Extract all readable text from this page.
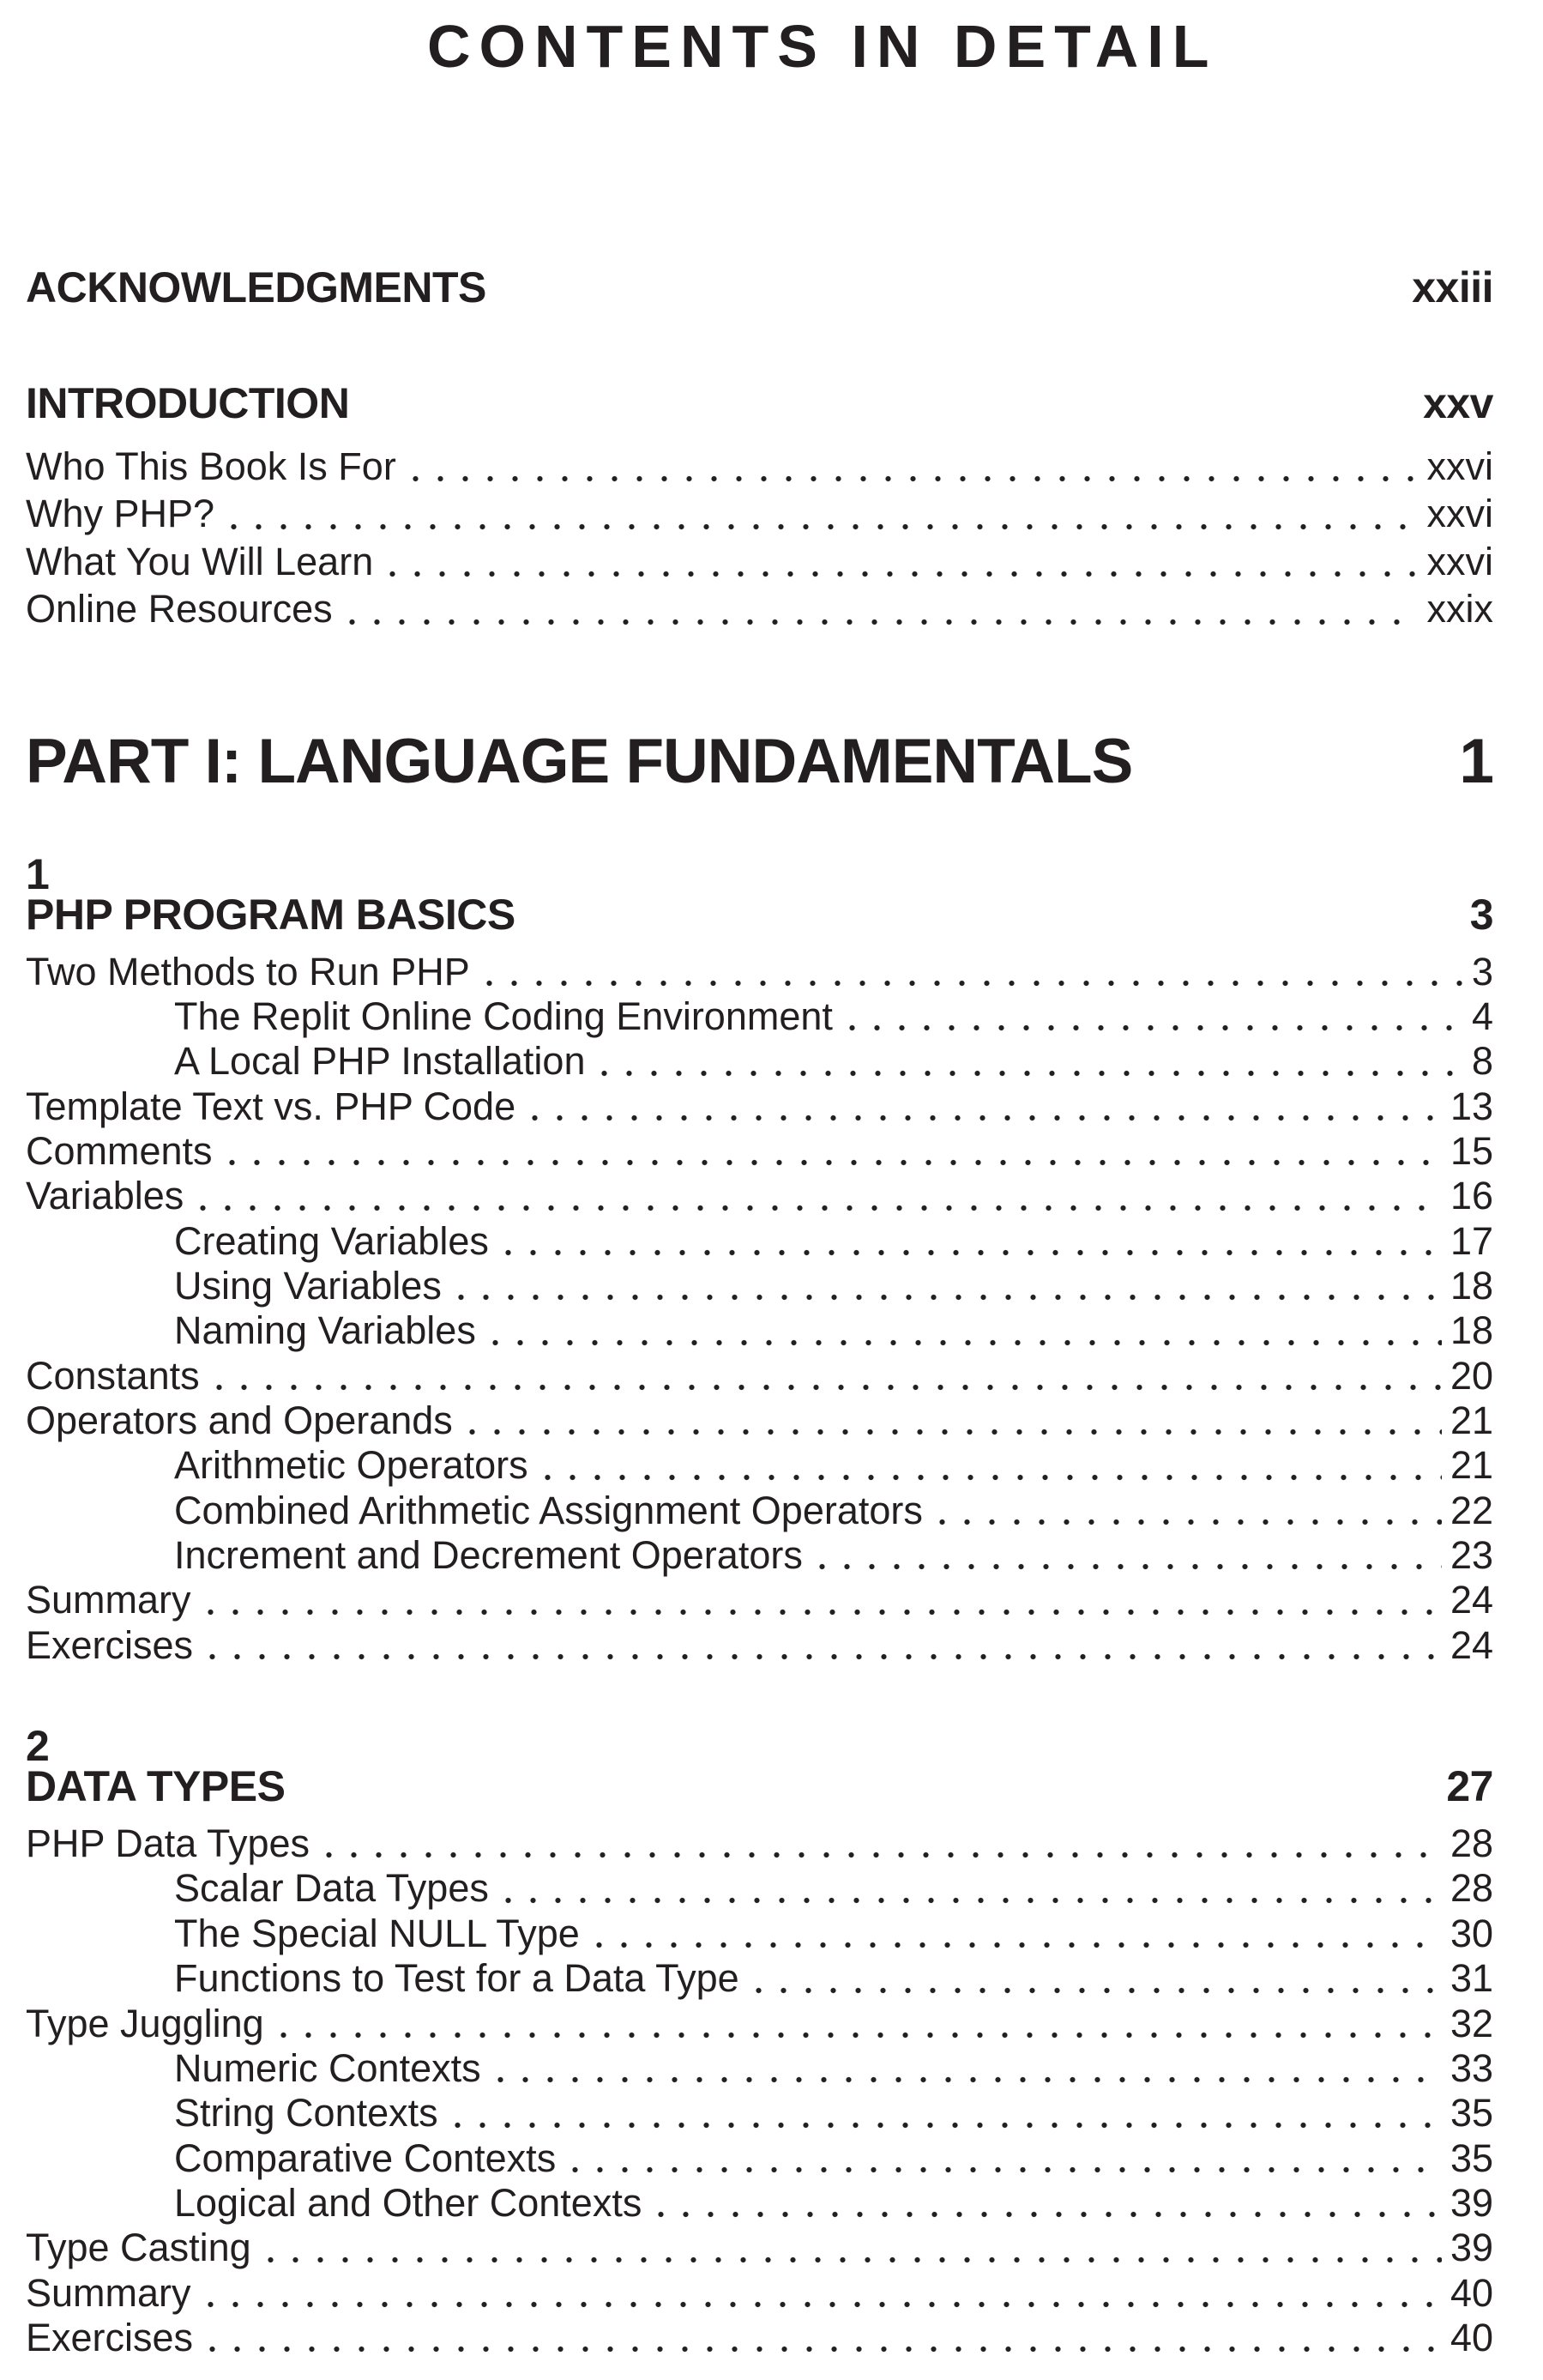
CONTENTS IN DETAIL
ACKNOWLEDGMENTS	xxiii
INTRODUCTION	xxv
Who This Book Is For	xxvi
Why PHP?	xxvi
What You Will Learn	xxvi
Online Resources	xxix
PART I: LANGUAGE FUNDAMENTALS	1
1
PHP PROGRAM BASICS	3
Two Methods to Run PHP	3
The Replit Online Coding Environment	4
A Local PHP Installation	8
Template Text vs. PHP Code	13
Comments	15
Variables	16
Creating Variables	17
Using Variables	18
Naming Variables	18
Constants	20
Operators and Operands	21
Arithmetic Operators	21
Combined Arithmetic Assignment Operators	22
Increment and Decrement Operators	23
Summary	24
Exercises	24
2
DATA TYPES	27
PHP Data Types	28
Scalar Data Types	28
The Special NULL Type	30
Functions to Test for a Data Type	31
Type Juggling	32
Numeric Contexts	33
String Contexts	35
Comparative Contexts	35
Logical and Other Contexts	39
Type Casting	39
Summary	40
Exercises	40
